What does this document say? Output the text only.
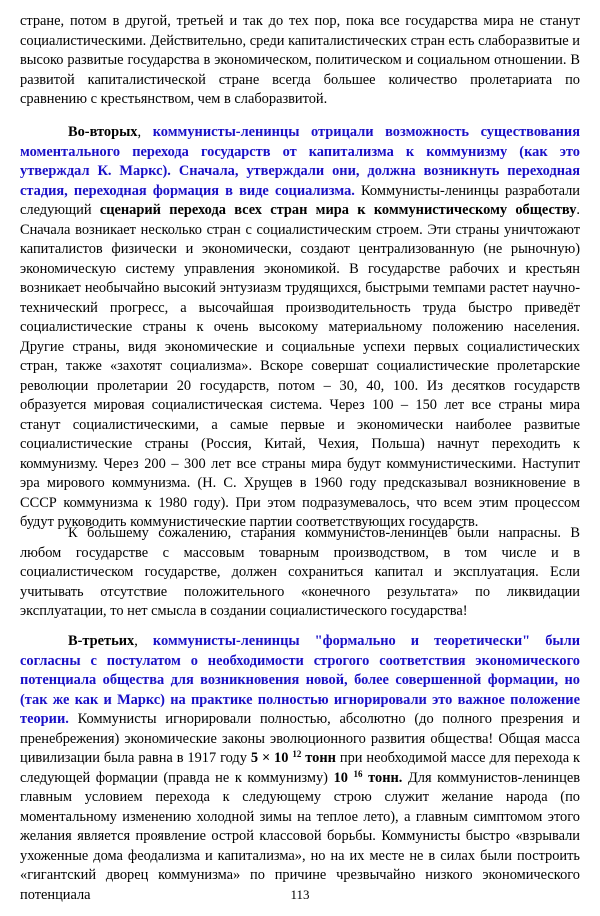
стране, потом в другой, третьей и так до тех пор, пока все государства мира не станут социалистическими. Действительно, среди капиталистических стран есть слаборазвитые и высоко развитые государства в экономическом, политическом и социальном отношении. В развитой капиталистической стране всегда большее количество пролетариата по сравнению с крестьянством, чем в слаборазвитой.

Во-вторых, коммунисты-ленинцы отрицали возможность существования моментального перехода государств от капитализма к коммунизму (как это утверждал К. Маркс). Сначала, утверждали они, должна возникнуть переходная стадия, переходная формация в виде социализма. Коммунисты-ленинцы разработали следующий сценарий перехода всех стран мира к коммунистическому обществу. Сначала возникает несколько стран с социалистическим строем. Эти страны уничтожают капиталистов физически и экономически, создают централизованную (не рыночную) экономическую систему управления экономикой. В государстве рабочих и крестьян возникает необычайно высокий энтузиазм трудящихся, быстрыми темпами растет научно-технический прогресс, а высочайшая производительность труда быстро приведёт социалистические страны к очень высокому материальному положению населения. Другие страны, видя экономические и социальные успехи первых социалистических стран, также «захотят социализма». Вскоре совершат социалистические пролетарские революции пролетарии 20 государств, потом – 30, 40, 100. Из десятков государств образуется мировая социалистическая система. Через 100 – 150 лет все страны мира станут социалистическими, а самые первые и экономически наиболее развитые социалистические страны (Россия, Китай, Чехия, Польша) начнут переходить к коммунизму. Через 200 – 300 лет все страны мира будут коммунистическими. Наступит эра мирового коммунизма. (Н. С. Хрущев в 1960 году предсказывал возникновение в СССР коммунизма к 1980 году). При этом подразумевалось, что всем этим процессом будут руководить коммунистические партии соответствующих государств.

К большему сожалению, старания коммунистов-ленинцев были напрасны. В любом государстве с массовым товарным производством, в том числе и в социалистическом государстве, должен сохраниться капитал и эксплуатация. Если учитывать отсутствие положительного «конечного результата» по ликвидации эксплуатации, то нет смысла в создании социалистического государства!

В-третьих, коммунисты-ленинцы "формально и теоретически" были согласны с постулатом о необходимости строгого соответствия экономического потенциала общества для возникновения новой, более совершенной формации, но (так же как и Маркс) на практике полностью игнорировали это важное положение теории. Коммунисты игнорировали полностью, абсолютно (до полного презрения и пренебрежения) экономические законы эволюционного развития общества! Общая масса цивилизации была равна в 1917 году 5 × 10 $^{12}$ тонн при необходимой массе для перехода к следующей формации (правда не к коммунизму) 10 $^{16}$ тонн. Для коммунистов-ленинцев главным условием перехода к следующему строю служит желание народа (по моментальному изменению холодной зимы на теплое лето), а главным симптомом этого желания является проявление острой классовой борьбы. Коммунисты быстро «взрывали ухоженные дома феодализма и капитализма», но на их месте не в силах были построить «гигантский дворец коммунизма» по причине чрезвычайно низкого экономического потенциала	113
